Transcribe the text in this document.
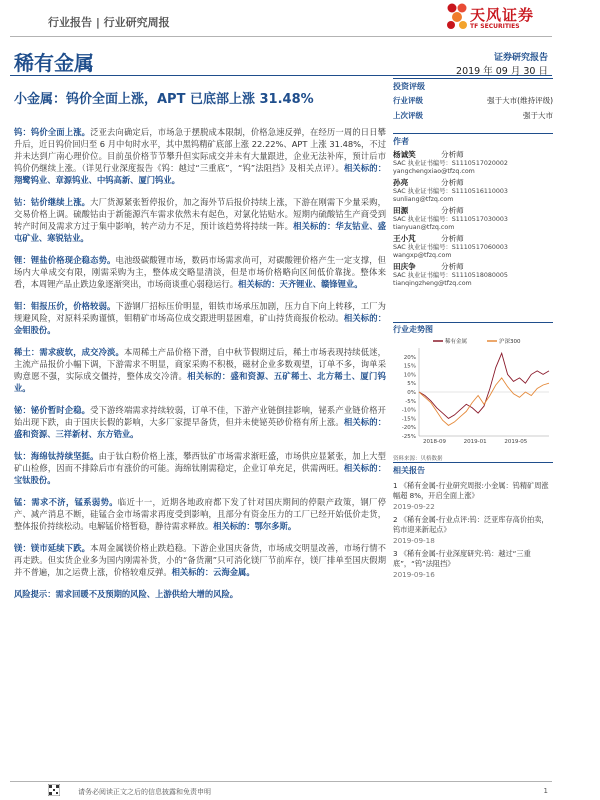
行业报告 | 行业研究周报	天风证券
TF SECURITIES
稀有金属	证券研究报告
2019 年 09 月 30 日
小金属：钨价全面上涨，APT 已底部上涨 31.48%

钨：钨价全面上涨。泛亚去向确定后，市场急于摆脱成本限制，价格急速反弹，在经历一周的日日攀升后，近日钨价回归至 6 月中旬时水平，其中黑钨精矿底部上涨 22.22%、APT 上涨 31.48%，不过并未达到广南心理价位。目前虽价格节节攀升但实际成交并未有大量跟进，企业无法补库，预计后市钨价仍继续上涨。（详见行业深度报告《钨：越过“三重底”，“钨”法阻挡》及相关点评）。相关标的：翔鹭钨业、章源钨业、中钨高新、厦门钨业。

钴：钴价继续上涨。大厂货源紧张暂停报价，加之海外节后报价持续上涨，下游在刚需下少量采购，交易价格上调。硫酸钴由于新能源汽车需求依然未有起色，对氯化钴贴水。短期内硫酸钴生产商受到转产时间及需求方过于集中影响，转产动力不足，预计该趋势将持续一阵。相关标的：华友钴业、盛屯矿业、寒锐钴业。

锂：锂盐价格现企稳态势。电池级碳酸锂市场，数码市场需求尚可，对碳酸锂价格产生一定支撑，但场内大单成交有限，刚需采购为主，整体成交略显清淡，但是市场价格略向区间低价靠拢。整体来看，本周锂产品止跌边象逐渐突出，市场商谈重心弱稳运行。相关标的：天齐锂业、赣锋锂业。

钼：钼报压价，价格较弱。下游钢厂招标压价明显，钼铁市场承压加剧，压力自下向上转移，工厂为规避风险，对原料采购谨慎，钼精矿市场高位成交跟进明显困难，矿山持货商报价松动。相关标的：金钼股份。

稀土：需求疲软，成交冷淡。本周稀土产品价格下滑，自中秋节假期过后，稀土市场表现持续低迷，主流产品报价小幅下调，下游需求不明显，商家采购不积极，磁材企业多数观望，订单不多，询单采购意愿不强，实际成交僵持，整体成交冷清。相关标的：盛和资源、五矿稀土、北方稀土、厦门钨业。

铋：铋价暂时企稳。受下游终端需求持续较弱，订单不佳，下游产业链倒挂影响，铋系产业链价格开始出现下跌，由于国庆长假的影响，大多厂家提早备货，但并未使铋英砂价格有所上涨。相关标的：盛和资源、三祥新材、东方锆业。

钛：海绵钛持续坚挺。由于钛白粉价格上涨，攀西钛矿市场需求渐旺盛，市场供应显紧张，加上大型矿山检修，因而不排除后市有涨价的可能。海绵钛刚需稳定，企业订单充足，供需两旺。相关标的：宝钛股份。

锰：需求不济，锰系弱势。临近十一，近期各地政府都下发了针对国庆期间的停限产政策，钢厂停产、减产消息不断，硅锰合金市场需求再度受到影响，且部分有资金压力的工厂已经开始低价走货，整体报价持续松动。电解锰价格暂稳，静待需求释放。相关标的：鄂尔多斯。

镁：镁市延续下跌。本周金属镁价格止跌趋稳。下游企业国庆备货，市场成交明显改善，市场行情不再走跌。但实货企业多为国内刚需补货，小的“备货潮”只可消化镁厂节前库存，镁厂排单至国庆假期并不普遍，加之运费上涨，价格较难反弹。相关标的：云海金属。

风险提示：需求回暖不及预期的风险、上游供给大增的风险。

投资评级
行业评级	强于大市(维持评级)
上次评级	强于大市
作者
杨诚笑	分析师
SAC 执业证书编号：S1110517020002
yangchengxiao@tfzq.com
孙亮	分析师
SAC 执业证书编号：S1110516110003
sunliang@tfzq.com
田源	分析师
SAC 执业证书编号：S1110517030003
tianyuan@tfzq.com
王小芃	分析师
SAC 执业证书编号：S1110517060003
wangxp@tfzq.com
田庆争	分析师
SAC 执业证书编号：S1110518080005
tianqingzheng@tfzq.com
行业走势图
20%
15%
10%
5%
0%
-5%
-10%
-15%
-20%
-25%
2018-09	2019-01	2019-05
稀有金属	沪深300
资料来源：贝格数据
相关报告
1 《稀有金属-行业研究周报:小金属：钨精矿周涨幅超 8%，开启全面上涨》
2019-09-22
2 《稀有金属-行业点评:钨：泛亚库存高价拍卖，钨市迎来新起点》
2019-09-18
3 《稀有金属-行业深度研究:钨：越过“三重底”，“钨”法阻挡》
2019-09-16
请务必阅读正文之后的信息披露和免责申明	1
